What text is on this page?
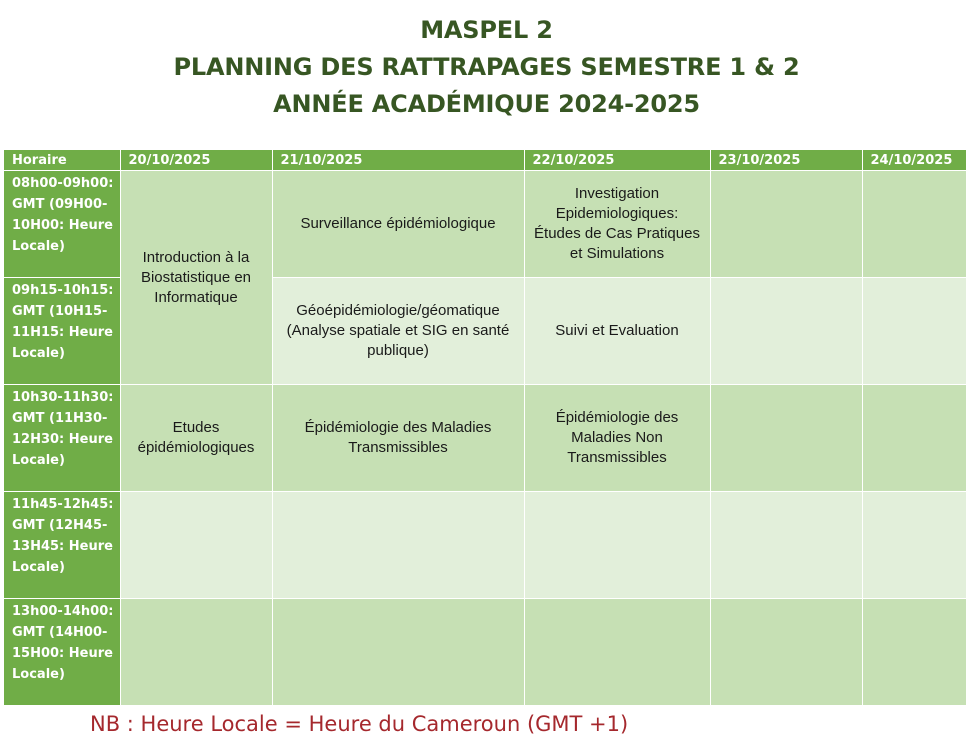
MASPEL 2
PLANNING DES RATTRAPAGES SEMESTRE 1 & 2
ANNÉE ACADÉMIQUE 2024-2025
Horaire	20/10/2025	21/10/2025	22/10/2025	23/10/2025	24/10/2025
08h00-09h00: GMT (09H00-10H00: Heure Locale)	Introduction à la Biostatistique en Informatique	Surveillance épidémiologique	Investigation Epidemiologiques: Études de Cas Pratiques et Simulations		

09h15-10h15: GMT (10H15-11H15: Heure Locale)		Géoépidémiologie/géomatique (Analyse spatiale et SIG en santé publique)	Suivi et Evaluation		

10h30-11h30: GMT (11H30-12H30: Heure Locale)	Etudes épidémiologiques	Épidémiologie des Maladies Transmissibles	Épidémiologie des Maladies Non Transmissibles		

11h45-12h45: GMT (12H45-13H45: Heure Locale)					
13h00-14h00: GMT (14H00-15H00: Heure Locale)					
NB : Heure Locale = Heure du Cameroun (GMT +1)
